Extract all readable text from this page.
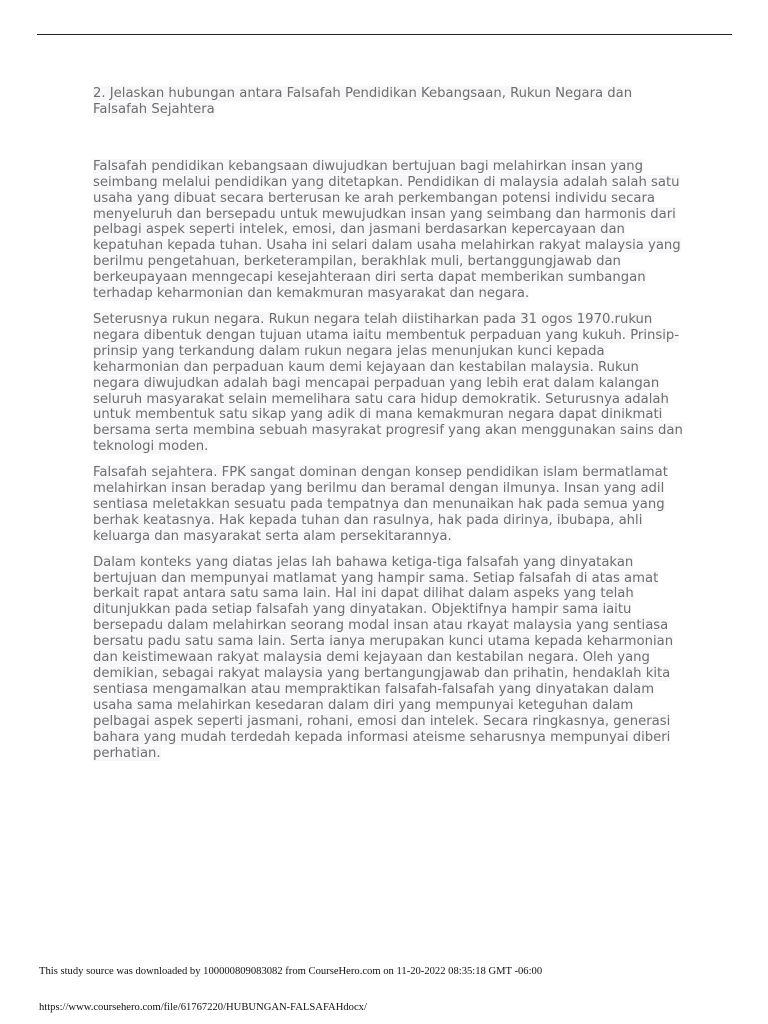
2. Jelaskan hubungan antara Falsafah Pendidikan Kebangsaan, Rukun Negara dan
Falsafah Sejahtera

Falsafah pendidikan kebangsaan diwujudkan bertujuan bagi melahirkan insan yang seimbang melalui pendidikan yang ditetapkan. Pendidikan di malaysia adalah salah satu usaha yang dibuat secara berterusan ke arah perkembangan potensi individu secara menyeluruh dan bersepadu untuk mewujudkan insan yang seimbang dan harmonis dari pelbagi aspek seperti intelek, emosi, dan jasmani berdasarkan kepercayaan dan kepatuhan kepada tuhan. Usaha ini selari dalam usaha melahirkan rakyat malaysia yang berilmu pengetahuan, berketerampilan, berakhlak muli, bertanggungjawab dan berkeupayaan menngecapi kesejahteraan diri serta dapat memberikan sumbangan terhadap keharmonian dan kemakmuran masyarakat dan negara.

Seterusnya rukun negara. Rukun negara telah diistiharkan pada 31 ogos 1970.rukun negara dibentuk dengan tujuan utama iaitu membentuk perpaduan yang kukuh. Prinsip-prinsip yang terkandung dalam rukun negara jelas menunjukan kunci kepada keharmonian dan perpaduan kaum demi kejayaan dan kestabilan malaysia. Rukun negara diwujudkan adalah bagi mencapai perpaduan yang lebih erat dalam kalangan seluruh masyarakat selain memelihara satu cara hidup demokratik. Seturusnya adalah untuk membentuk satu sikap yang adik di mana kemakmuran negara dapat dinikmati bersama serta membina sebuah masyrakat progresif yang akan menggunakan sains dan teknologi moden.

Falsafah sejahtera. FPK sangat dominan dengan konsep pendidikan islam bermatlamat melahirkan insan beradap yang berilmu dan beramal dengan ilmunya. Insan yang adil sentiasa meletakkan sesuatu pada tempatnya dan menunaikan hak pada semua yang berhak keatasnya. Hak kepada tuhan dan rasulnya, hak pada dirinya, ibubapa, ahli keluarga dan masyarakat serta alam persekitarannya.

Dalam konteks yang diatas jelas lah bahawa ketiga-tiga falsafah yang dinyatakan bertujuan dan mempunyai matlamat yang hampir sama. Setiap falsafah di atas amat berkait rapat antara satu sama lain. Hal ini dapat dilihat dalam aspeks yang telah ditunjukkan pada setiap falsafah yang dinyatakan. Objektifnya hampir sama iaitu bersepadu dalam melahirkan seorang modal insan atau rkayat malaysia yang sentiasa bersatu padu satu sama lain. Serta ianya merupakan kunci utama kepada keharmonian dan keistimewaan rakyat malaysia demi kejayaan dan kestabilan negara. Oleh yang demikian, sebagai rakyat malaysia yang bertangungjawab dan prihatin, hendaklah kita sentiasa mengamalkan atau mempraktikan falsafah-falsafah yang dinyatakan dalam usaha sama melahirkan kesedaran dalam diri yang mempunyai keteguhan dalam pelbagai aspek seperti jasmani, rohani, emosi dan intelek. Secara ringkasnya, generasi bahara yang mudah terdedah kepada informasi ateisme seharusnya mempunyai diberi perhatian.

This study source was downloaded by 100000809083082 from CourseHero.com on 11-20-2022 08:35:18 GMT -06:00
https://www.coursehero.com/file/61767220/HUBUNGAN-FALSAFAHdocx/
